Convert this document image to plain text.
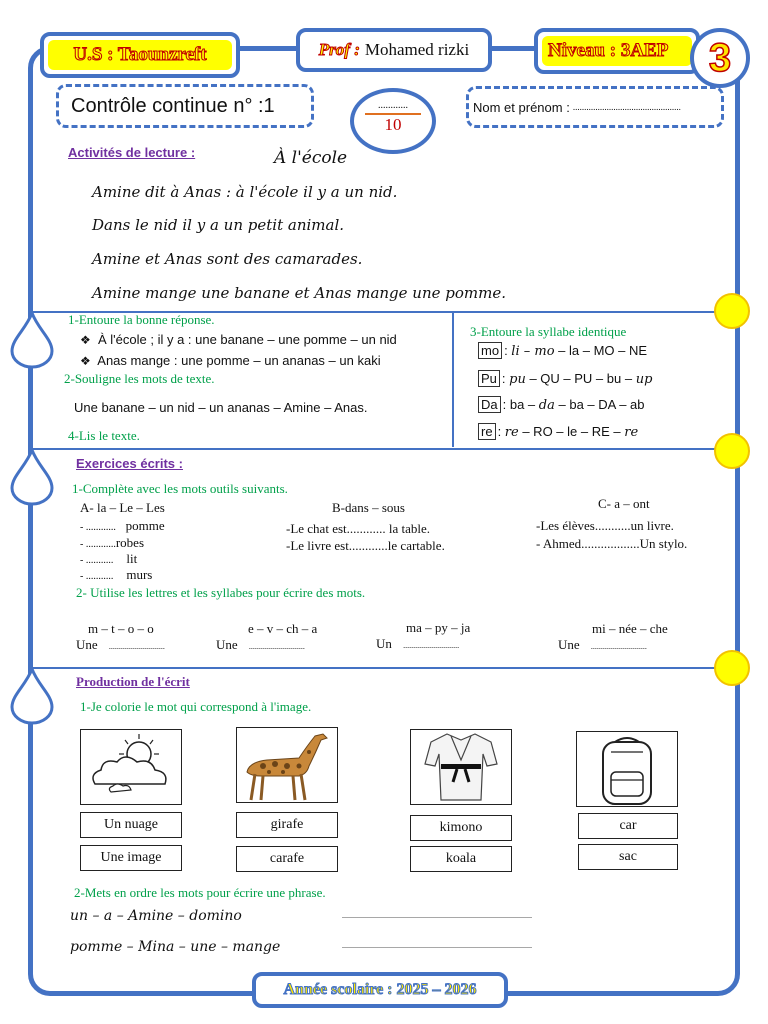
U.S : Taounzreft	Prof : Mohamed rizki	Niveau : 3AEP 3
Contrôle continue n° :1	............
10
Nom et prénom : ................................................
Activités de lecture :	À l'école
Amine dit à Anas : à l'école il y a un nid.
Dans le nid il y a un petit animal.
Amine et Anas sont des camarades.
Amine mange une banane et Anas mange une pomme.
1-Entoure la bonne réponse.
❖ À l'école ; il y a : une banane – une pomme – un nid
❖ Anas mange : une pomme – un ananas – un kaki
2-Souligne les mots de texte.
Une banane – un nid – un ananas – Amine – Anas.
4-Lis le texte.
3-Entoure la syllabe identique
mo : li – mo – la – MO – NE
Pu : pu – QU – PU – bu – up
Da : ba – da – ba – DA – ab
re : re – RO – le – RE – re
Exercices écrits :
1-Complète avec les mots outils suivants.
A- la – Le – Les
- ............ pomme
- ............robes
- ........... lit
- ........... murs
B-dans – sous
-Le chat est............ la table.
-Le livre est............le cartable.
C- a – ont
-Les élèves...........un livre.
- Ahmed..................Un stylo.
2- Utilise les lettres et les syllabes pour écrire des mots.
m – t – o – o
Une ............................
e – v – ch – a
Une ............................
ma – py – ja
Un ............................
mi – née – che
Une ............................
Production de l'écrit
1-Je colorie le mot qui correspond à l'image.
Un nuage
Une image
girafe
carafe
kimono
koala
car
sac
2-Mets en ordre les mots pour écrire une phrase.
un – a – Amine – domino	...............................................................................................
pomme – Mina – une – mange	...............................................................................................
Année scolaire : 2025 – 2026
